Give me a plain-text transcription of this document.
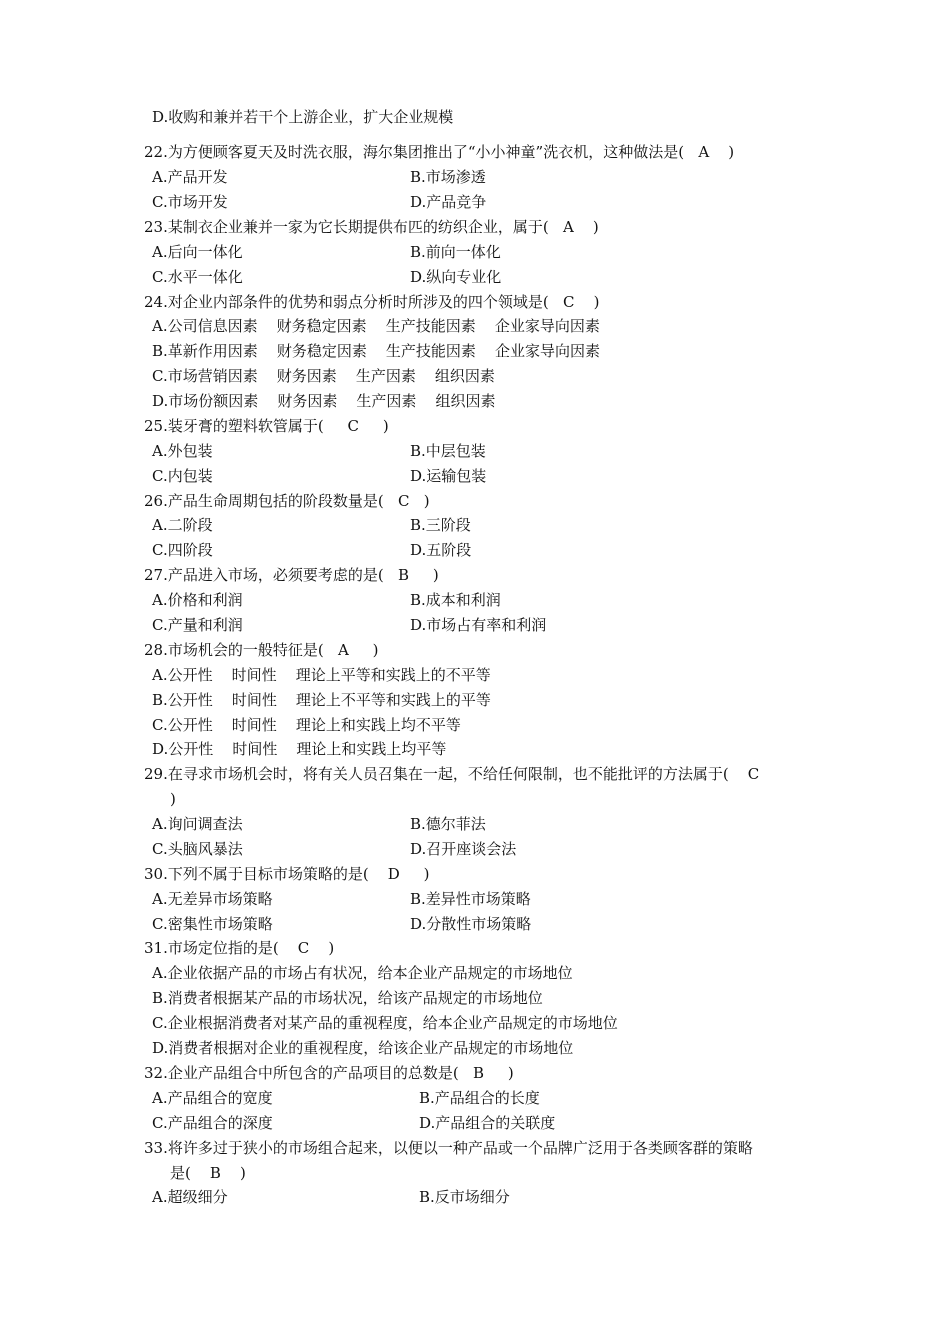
D.收购和兼并若干个上游企业，扩大企业规模
22.为方便顾客夏天及时洗衣服，海尔集团推出了“小小神童”洗衣机，这种做法是(   A    )
A.产品开发	B.市场渗透
C.市场开发	D.产品竞争
23.某制衣企业兼并一家为它长期提供布匹的纺织企业，属于(   A    )
A.后向一体化	B.前向一体化
C.水平一体化	D.纵向专业化
24.对企业内部条件的优势和弱点分析时所涉及的四个领域是(   C    )
A.公司信息因素    财务稳定因素    生产技能因素    企业家导向因素
B.革新作用因素    财务稳定因素    生产技能因素    企业家导向因素
C.市场营销因素    财务因素    生产因素    组织因素
D.市场份额因素    财务因素    生产因素    组织因素
25.装牙膏的塑料软管属于(     C     )
A.外包装	B.中层包装
C.内包装	D.运输包装
26.产品生命周期包括的阶段数量是(   C   )
A.二阶段	B.三阶段
C.四阶段	D.五阶段
27.产品进入市场，必须要考虑的是(   B     )
A.价格和利润	B.成本和利润
C.产量和利润	D.市场占有率和利润
28.市场机会的一般特征是(   A     )
A.公开性    时间性    理论上平等和实践上的不平等
B.公开性    时间性    理论上不平等和实践上的平等
C.公开性    时间性    理论上和实践上均不平等
D.公开性    时间性    理论上和实践上均平等
29.在寻求市场机会时，将有关人员召集在一起，不给任何限制，也不能批评的方法属于(    C
)
A.询问调查法	B.德尔菲法
C.头脑风暴法	D.召开座谈会法
30.下列不属于目标市场策略的是(    D     )
A.无差异市场策略	B.差异性市场策略
C.密集性市场策略	D.分散性市场策略
31.市场定位指的是(    C    )
A.企业依据产品的市场占有状况，给本企业产品规定的市场地位
B.消费者根据某产品的市场状况，给该产品规定的市场地位
C.企业根据消费者对某产品的重视程度，给本企业产品规定的市场地位
D.消费者根据对企业的重视程度，给该企业产品规定的市场地位
32.企业产品组合中所包含的产品项目的总数是(   B     )
A.产品组合的宽度	B.产品组合的长度
C.产品组合的深度	D.产品组合的关联度
33.将许多过于狭小的市场组合起来，以便以一种产品或一个品牌广泛用于各类顾客群的策略
是(    B    )
A.超级细分	B.反市场细分
